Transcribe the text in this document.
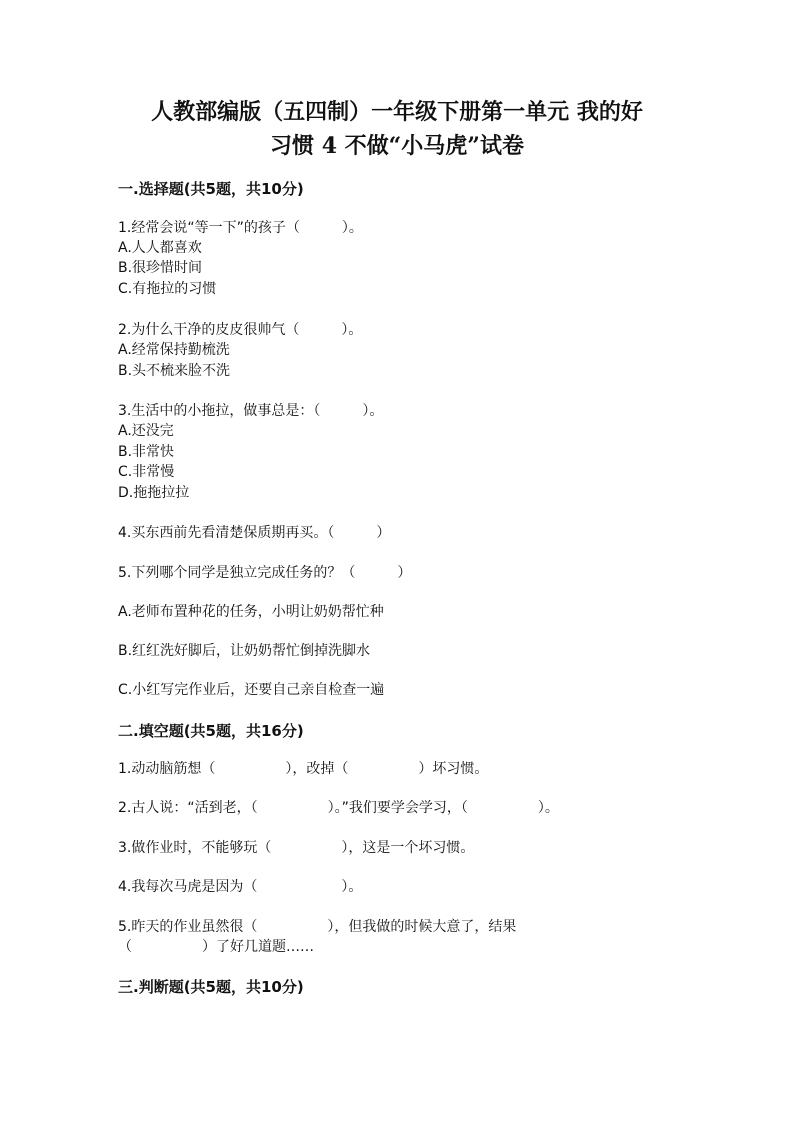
人教部编版（五四制）一年级下册第一单元 我的好
习惯 4 不做“小马虎”试卷
一.选择题(共5题，共10分)
1.经常会说“等一下”的孩子（　　　）。
A.人人都喜欢
B.很珍惜时间
C.有拖拉的习惯
2.为什么干净的皮皮很帅气（　　　）。
A.经常保持勤梳洗
B.头不梳来脸不洗
3.生活中的小拖拉，做事总是：（　　　）。
A.还没完
B.非常快
C.非常慢
D.拖拖拉拉
4.买东西前先看清楚保质期再买。（　　　）
5.下列哪个同学是独立完成任务的？（　　　）
A.老师布置种花的任务，小明让奶奶帮忙种
B.红红洗好脚后，让奶奶帮忙倒掉洗脚水
C.小红写完作业后，还要自己亲自检查一遍
二.填空题(共5题，共16分)
1.动动脑筋想（　　　　　），改掉（　　　　　）坏习惯。
2.古人说：“活到老，（　　　　　）。”我们要学会学习，（　　　　　）。
3.做作业时，不能够玩（　　　　　），这是一个坏习惯。
4.我每次马虎是因为（　　　　　　）。
5.昨天的作业虽然很（　　　　　），但我做的时候大意了，结果
（　　　　　）了好几道题……
三.判断题(共5题，共10分)
